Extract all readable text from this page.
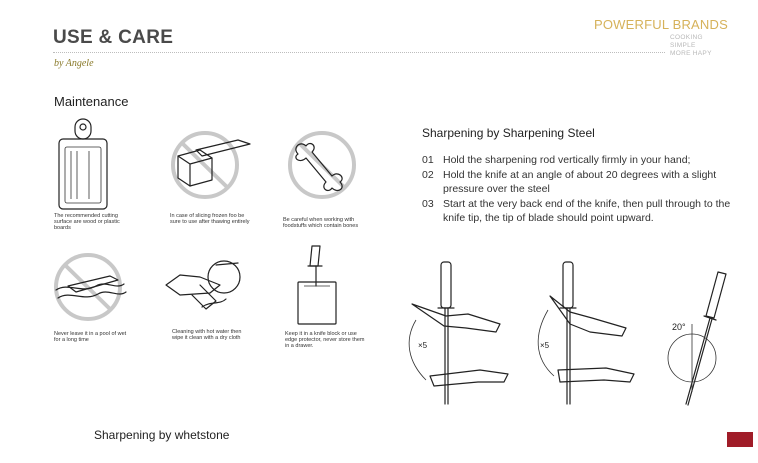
USE & CARE
by Angele
POWERFUL BRANDS
COOKING
SIMPLE
MORE HAPY
Maintenance
The recommended cutting surface are wood or plastic boards
In case of slicing frozen foo be sure to use after thawing entirely	Be careful when working with foodstuffs which contain bones
Never leave it in a pool of wet for a long time
Cleaning with hot water then wipe it clean with a dry cloth
Keep it in a knife block or use edge protector, never store them in a drawer.
Sharpening by Sharpening Steel
01 Hold the sharpening rod vertically firmly in your hand;
02 Hold the knife at an angle of about 20 degrees with a slight pressure over the steel
03 Start at the very back end of the knife, then pull through to the knife tip, the tip of blade should point upward.
×5	×5
20°
Sharpening by whetstone
